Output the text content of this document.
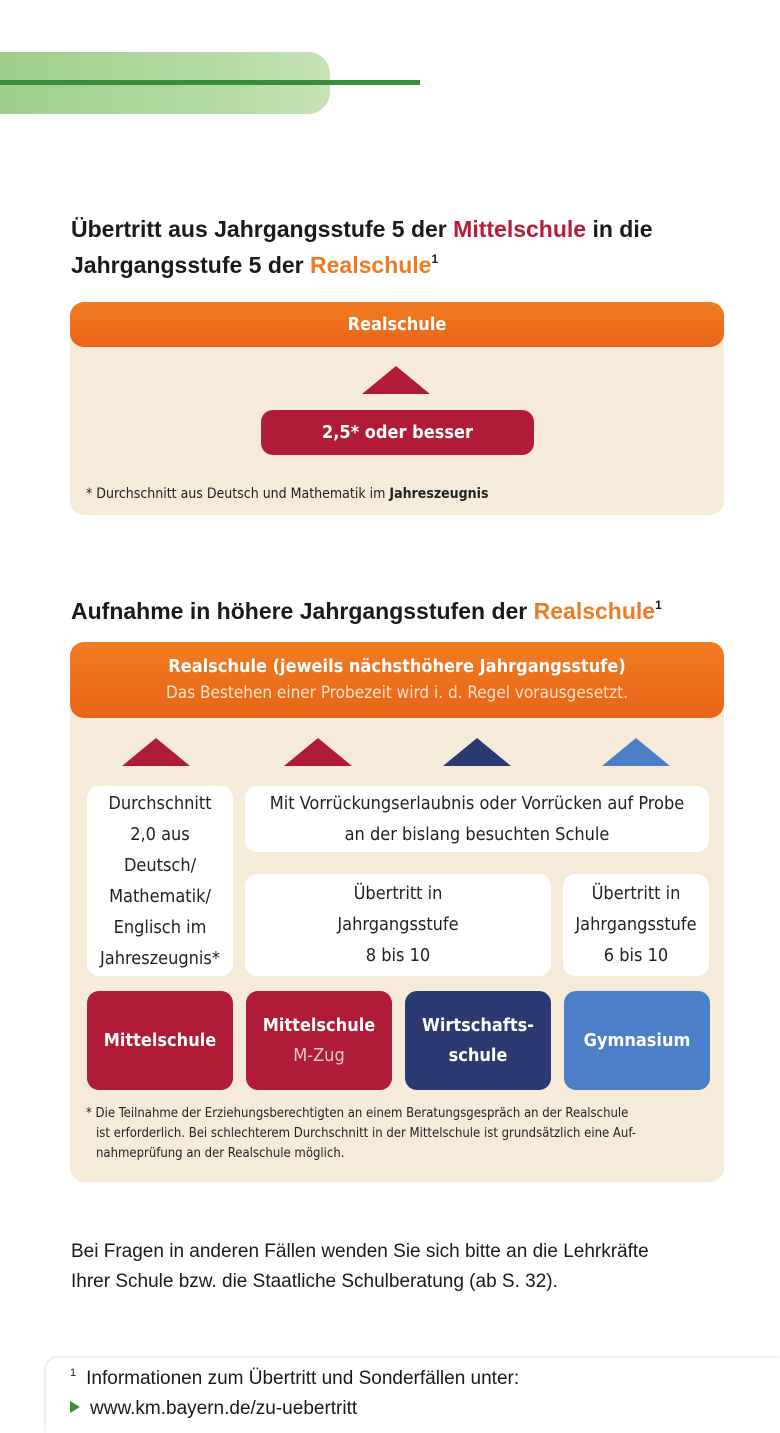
Übertritt aus Jahrgangsstufe 5 der Mittelschule in die
Jahrgangsstufe 5 der Realschule$^1$
Realschule
2,5* oder besser
* Durchschnitt aus Deutsch und Mathematik im Jahreszeugnis
Aufnahme in höhere Jahrgangsstufen der Realschule$^1$
Realschule (jeweils nächsthöhere Jahrgangsstufe)
Das Bestehen einer Probezeit wird i. d. Regel vorausgesetzt.
Durchschnitt
2,0 aus
Deutsch/
Mathematik/
Englisch im
Jahreszeugnis*
Mit Vorrückungserlaubnis oder Vorrücken auf Probe
an der bislang besuchten Schule
Übertritt in
Jahrgangsstufe
8 bis 10
Übertritt in
Jahrgangsstufe
6 bis 10
Mittelschule
Mittelschule
M-Zug
Wirtschafts-
schule
Gymnasium
* Die Teilnahme der Erziehungsberechtigten an einem Beratungsgespräch an der Realschule
ist erforderlich. Bei schlechterem Durchschnitt in der Mittelschule ist grundsätzlich eine Auf-
nahmeprüfung an der Realschule möglich.
Bei Fragen in anderen Fällen wenden Sie sich bitte an die Lehrkräfte
Ihrer Schule bzw. die Staatliche Schulberatung (ab S. 32).
$^1$ Informationen zum Übertritt und Sonderfällen unter:
www.km.bayern.de/zu-uebertritt
